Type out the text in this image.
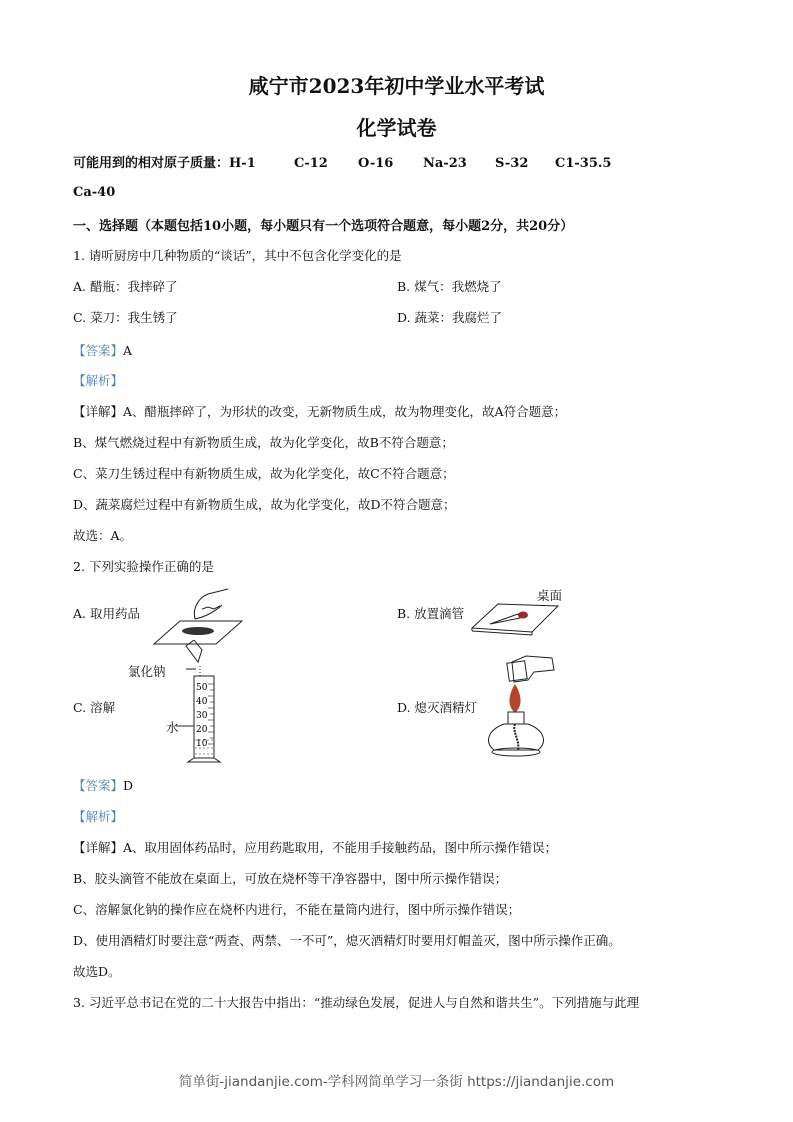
咸宁市2023年初中学业水平考试
化学试卷
可能用到的相对原子质量：H-1	C-12 O-16 Na-23 S-32 C1-35.5
Ca-40
一、选择题（本题包括10小题，每小题只有一个选项符合题意，每小题2分，共20分）
1. 请听厨房中几种物质的“谈话”，其中不包含化学变化的是
A. 醋瓶：我摔碎了	B. 煤气：我燃烧了
C. 菜刀：我生锈了	D. 蔬菜：我腐烂了
【答案】A
【解析】
【详解】A、醋瓶摔碎了，为形状的改变，无新物质生成，故为物理变化，故A符合题意；
B、煤气燃烧过程中有新物质生成，故为化学变化，故B不符合题意；
C、菜刀生锈过程中有新物质生成，故为化学变化，故C不符合题意；
D、蔬菜腐烂过程中有新物质生成，故为化学变化，故D不符合题意；
故选：A。
2. 下列实验操作正确的是
A. 取用药品	B. 放置滴管
桌面
C. 溶解
氯化钠
水
50
40
30
20
10
D. 熄灭酒精灯
【答案】D
【解析】
【详解】A、取用固体药品时，应用药匙取用，不能用手接触药品，图中所示操作错误；
B、胶头滴管不能放在桌面上，可放在烧杯等干净容器中，图中所示操作错误；
C、溶解氯化钠的操作应在烧杯内进行，不能在量筒内进行，图中所示操作错误；
D、使用酒精灯时要注意“两查、两禁、一不可”，熄灭酒精灯时要用灯帽盖灭，图中所示操作正确。
故选D。
3. 习近平总书记在党的二十大报告中指出：“推动绿色发展，促进人与自然和谐共生”。下列措施与此理
简单街-jiandanjie.com-学科网简单学习一条街 https://jiandanjie.com
